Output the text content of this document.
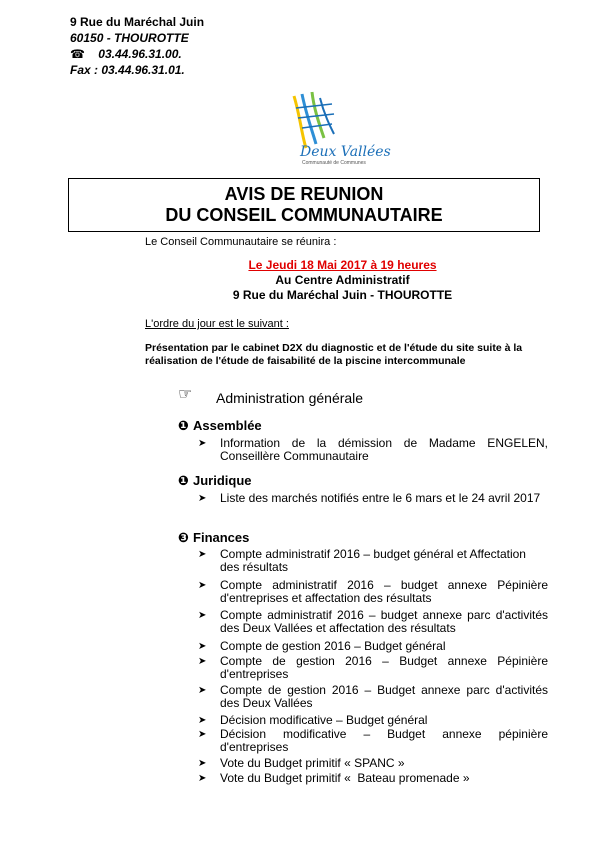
9 Rue du Maréchal Juin
60150 - THOUROTTE
☎ 03.44.96.31.00.
Fax : 03.44.96.31.01.
Deux Vallées
Communauté de Communes
AVIS DE REUNION
DU CONSEIL COMMUNAUTAIRE
Le Conseil Communautaire se réunira :
Le Jeudi 18 Mai 2017 à 19 heures
Au Centre Administratif
9 Rue du Maréchal Juin - THOUROTTE
L'ordre du jour est le suivant :
Présentation par le cabinet D2X du diagnostic et de l'étude du site suite à la réalisation de l'étude de faisabilité de la piscine intercommunale
☞ Administration générale
❶ Assemblée
➤ Information de la démission de Madame ENGELEN, Conseillère Communautaire
❶ Juridique
➤ Liste des marchés notifiés entre le 6 mars et le 24 avril 2017
❸ Finances
➤ Compte administratif 2016 – budget général et Affectation des résultats
➤ Compte administratif 2016 – budget annexe Pépinière d'entreprises et affectation des résultats
➤ Compte administratif 2016 – budget annexe parc d'activités des Deux Vallées et affectation des résultats
➤ Compte de gestion 2016 – Budget général
➤ Compte de gestion 2016 – Budget annexe Pépinière d'entreprises
➤ Compte de gestion 2016 – Budget annexe parc d'activités des Deux Vallées
➤ Décision modificative – Budget général
➤ Décision modificative – Budget annexe pépinière d'entreprises
➤ Vote du Budget primitif « SPANC »
➤ Vote du Budget primitif «  Bateau promenade »
